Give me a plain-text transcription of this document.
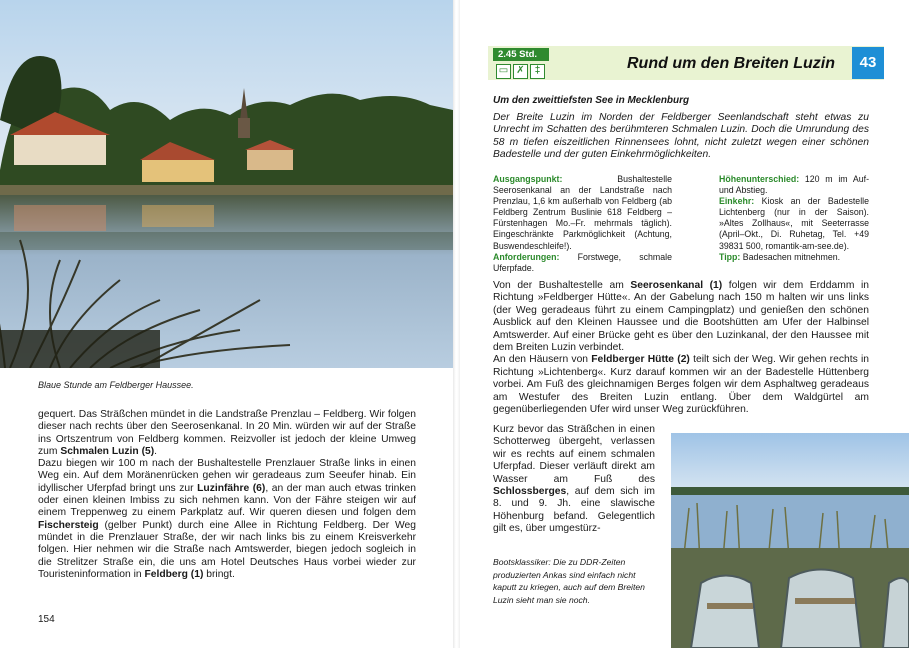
Blaue Stunde am Feldberger Haussee.

gequert. Das Sträßchen mündet in die Landstraße Prenzlau – Feldberg. Wir folgen dieser nach rechts über den Seerosenkanal. In 20 Min. würden wir auf der Straße ins Ortszentrum von Feldberg kommen. Reizvoller ist jedoch der kleine Umweg zum Schmalen Luzin (5).

Dazu biegen wir 100 m nach der Bushaltestelle Prenzlauer Straße links in einen Weg ein. Auf dem Moränenrücken gehen wir geradeaus zum Seeufer hinab. Ein idyllischer Uferpfad bringt uns zur Luzinfähre (6), an der man auch etwas trinken oder einen kleinen Imbiss zu sich nehmen kann. Von der Fähre steigen wir auf einem Treppenweg zu einem Parkplatz auf. Wir queren diesen und folgen dem Fischersteig (gelber Punkt) durch eine Allee in Richtung Feldberg. Der Weg mündet in die Prenzlauer Straße, der wir nach links bis zu einem Kreisverkehr folgen. Hier nehmen wir die Straße nach Amtswerder, biegen jedoch sogleich in die Strelitzer Straße ein, die uns am Hotel Deutsches Haus vorbei wieder zur Touristeninformation in Feldberg (1) bringt.

154
2.45 Std.
▭ ✗	‡	Rund um den Breiten Luzin	43
Um den zweittiefsten See in Mecklenburg
Der Breite Luzin im Norden der Feldberger Seenlandschaft steht etwas zu Unrecht im Schatten des berühmteren Schmalen Luzin. Doch die Umrundung des 58 m tiefen eiszeitlichen Rinnensees lohnt, nicht zuletzt wegen einer schönen Badestelle und der guten Einkehrmöglichkeiten.

Ausgangspunkt: Bushaltestelle Seerosenkanal an der Landstraße nach Prenzlau, 1,6 km außerhalb von Feldberg (ab Feldberg Zentrum Buslinie 618 Feldberg – Fürstenhagen Mo.–Fr. mehrmals täglich). Eingeschränkte Parkmöglichkeit (Achtung, Buswendeschleife!).

Anforderungen: Forstwege, schmale Uferpfade.

Höhenunterschied: 120 m im Auf- und Abstieg.

Einkehr: Kiosk an der Badestelle Lichtenberg (nur in der Saison). »Altes Zollhaus«, mit Seeterrasse (April–Okt., Di. Ruhetag, Tel. +49 39831 500, romantik-am-see.de).

Tipp: Badesachen mitnehmen.

Von der Bushaltestelle am Seerosenkanal (1) folgen wir dem Erddamm in Richtung »Feldberger Hütte«. An der Gabelung nach 150 m halten wir uns links (der Weg geradeaus führt zu einem Campingplatz) und genießen den schönen Ausblick auf den Kleinen Haussee und die Bootshütten am Ufer der Halbinsel Amtswerder. Auf einer Brücke geht es über den Luzinkanal, der den Haussee mit dem Breiten Luzin verbindet.

An den Häusern von Feldberger Hütte (2) teilt sich der Weg. Wir gehen rechts in Richtung »Lichtenberg«. Kurz darauf kommen wir an der Badestelle Hüttenberg vorbei. Am Fuß des gleichnamigen Berges folgen wir dem Asphaltweg geradeaus am Westufer des Breiten Luzin entlang. Über dem Waldgürtel am gegenüberliegenden Ufer wird unser Weg zurückführen.

Kurz bevor das Sträßchen in einen Schotterweg übergeht, verlassen wir es rechts auf einem schmalen Uferpfad. Dieser verläuft direkt am Wasser am Fuß des Schlossberges, auf dem sich im 8. und 9. Jh. eine slawische Höhenburg befand. Gelegentlich gilt es, über umgestürz-

Bootsklassiker: Die zu DDR-Zeiten produzierten Ankas sind einfach nicht kaputt zu kriegen, auch auf dem Breiten Luzin sieht man sie noch.
